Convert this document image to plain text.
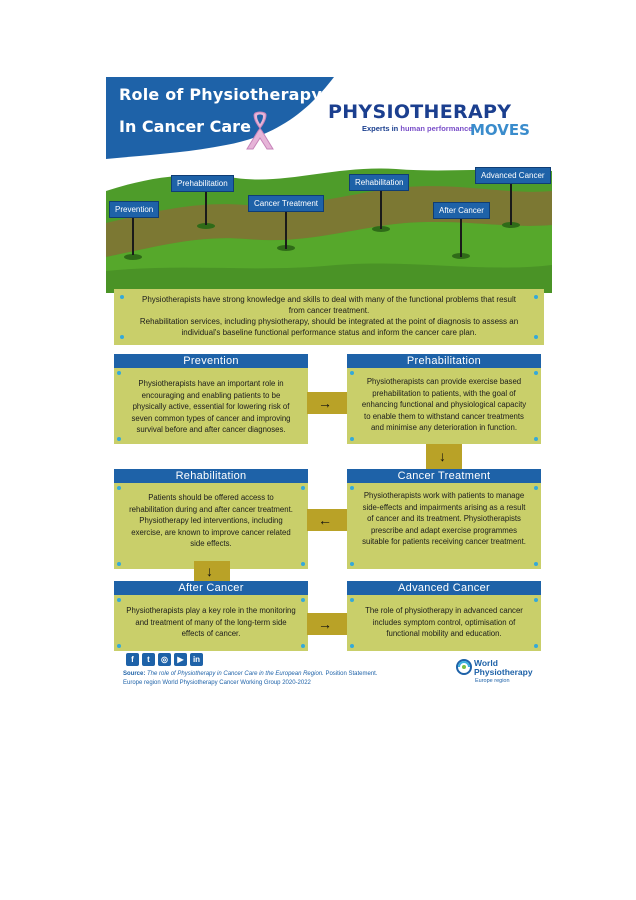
Role of Physiotherapy
In Cancer Care
PHYSIOTHERAPY
Experts in human performance
MOVES
Prevention
Prehabilitation
Cancer Treatment
Rehabilitation
After Cancer
Advanced Cancer

Physiotherapists have strong knowledge and skills to deal with many of the functional problems that result from cancer treatment.

Rehabilitation services, including physiotherapy, should be integrated at the point of diagnosis to assess an individual's baseline functional performance status and inform the cancer care plan.

Prevention
Physiotherapists have an important role in encouraging and enabling patients to be physically active, essential for lowering risk of seven common types of cancer and improving survival before and after cancer diagnoses.
→
Prehabilitation
Physiotherapists can provide exercise based prehabilitation to patients, with the goal of enhancing functional and physiological capacity to enable them to withstand cancer treatments and minimise any deterioration in function.
↓
Rehabilitation
Patients should be offered access to rehabilitation during and after cancer treatment. Physiotherapy led interventions, including exercise, are known to improve cancer related side effects.
←
Cancer Treatment
Physiotherapists work with patients to manage side-effects and impairments arising as a result of cancer and its treatment. Physiotherapists prescribe and adapt exercise programmes suitable for patients receiving cancer treatment.
↓
After Cancer
Physiotherapists play a key role in the monitoring and treatment of many of the long-term side effects of cancer.
→
Advanced Cancer
The role of physiotherapy in advanced cancer includes symptom control, optimisation of functional mobility and education.
f	t	◎	▶	in
Source: The role of Physiotherapy in Cancer Care in the European Region. Position Statement.
Europe region World Physiotherapy Cancer Working Group 2020-2022
World
Physiotherapy
Europe region
